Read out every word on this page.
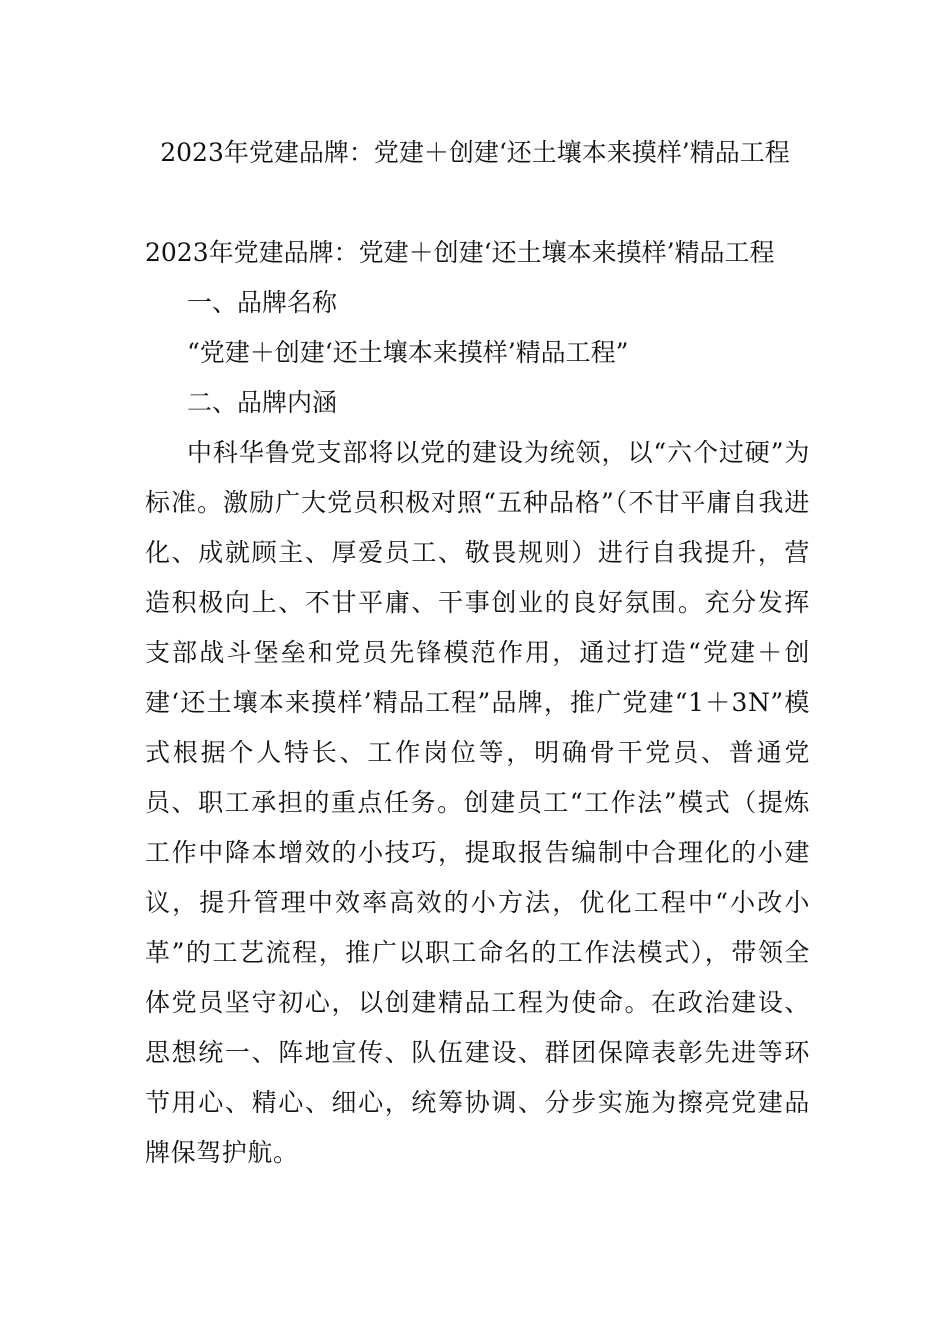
2023年党建品牌：党建＋创建‘还土壤本来摸样’精品工程

2023年党建品牌：党建＋创建‘还土壤本来摸样’精品工程

一、品牌名称

“党建＋创建‘还土壤本来摸样’精品工程”

二、品牌内涵

中科华鲁党支部将以党的建设为统领，以“六个过硬”为标准。激励广大党员积极对照“五种品格”（不甘平庸自我进化、成就顾主、厚爱员工、敬畏规则）进行自我提升，营造积极向上、不甘平庸、干事创业的良好氛围。充分发挥支部战斗堡垒和党员先锋模范作用，通过打造“党建＋创建‘还土壤本来摸样’精品工程”品牌，推广党建“1＋3N”模式根据个人特长、工作岗位等，明确骨干党员、普通党员、职工承担的重点任务。创建员工“工作法”模式（提炼工作中降本增效的小技巧，提取报告编制中合理化的小建议，提升管理中效率高效的小方法，优化工程中“小改小革”的工艺流程，推广以职工命名的工作法模式），带领全体党员坚守初心，以创建精品工程为使命。在政治建设、思想统一、阵地宣传、队伍建设、群团保障表彰先进等环节用心、精心、细心，统筹协调、分步实施为擦亮党建品牌保驾护航。
